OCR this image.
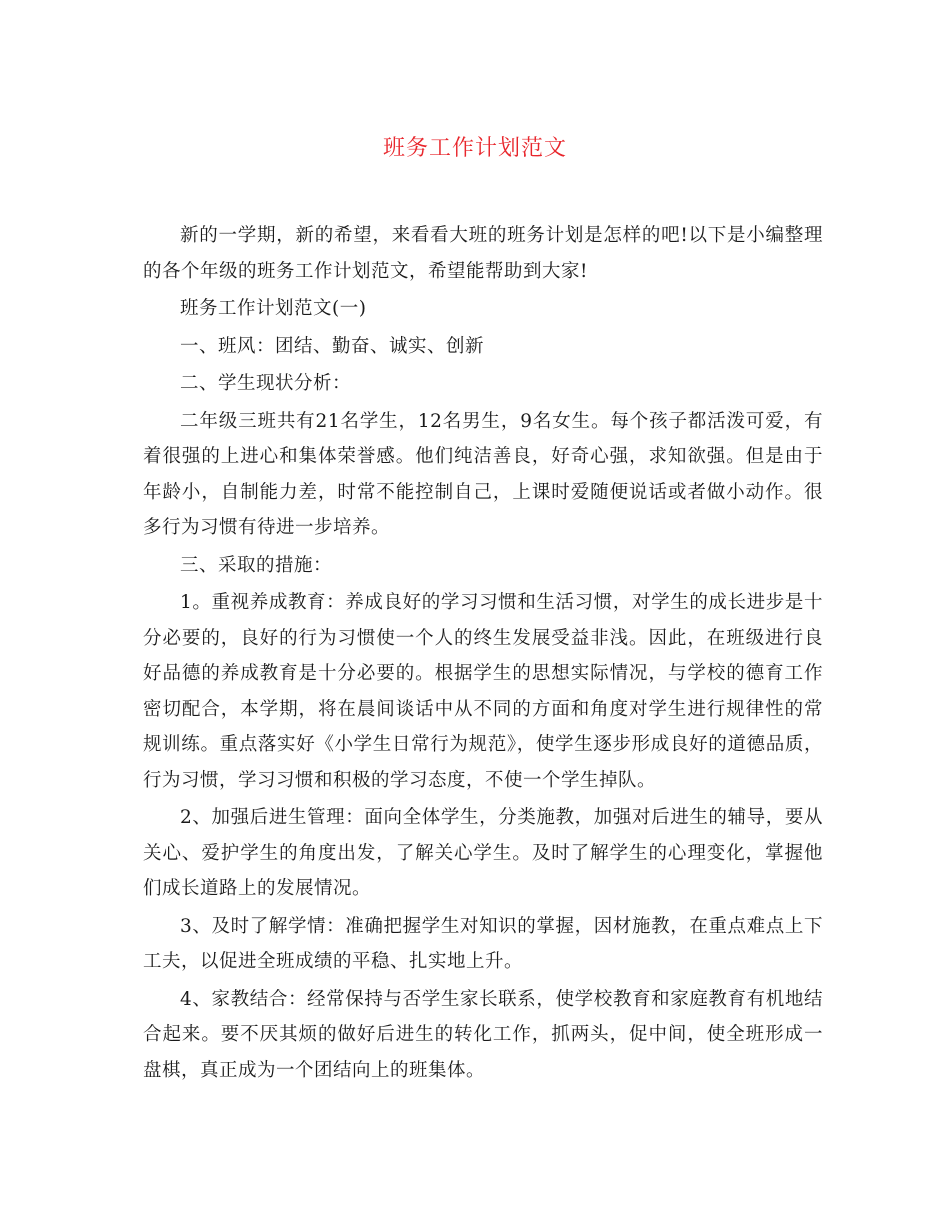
班务工作计划范文

新的一学期，新的希望，来看看大班的班务计划是怎样的吧!以下是小编整理的各个年级的班务工作计划范文，希望能帮助到大家!

班务工作计划范文(一)

一、班风：团结、勤奋、诚实、创新

二、学生现状分析：

二年级三班共有21名学生，12名男生，9名女生。每个孩子都活泼可爱，有着很强的上进心和集体荣誉感。他们纯洁善良，好奇心强，求知欲强。但是由于年龄小，自制能力差，时常不能控制自己，上课时爱随便说话或者做小动作。很多行为习惯有待进一步培养。

三、采取的措施：

1。重视养成教育：养成良好的学习习惯和生活习惯，对学生的成长进步是十分必要的，良好的行为习惯使一个人的终生发展受益非浅。因此，在班级进行良好品德的养成教育是十分必要的。根据学生的思想实际情况，与学校的德育工作密切配合，本学期，将在晨间谈话中从不同的方面和角度对学生进行规律性的常规训练。重点落实好《小学生日常行为规范》，使学生逐步形成良好的道德品质，行为习惯，学习习惯和积极的学习态度，不使一个学生掉队。

2、加强后进生管理：面向全体学生，分类施教，加强对后进生的辅导，要从关心、爱护学生的角度出发，了解关心学生。及时了解学生的心理变化，掌握他们成长道路上的发展情况。

3、及时了解学情：准确把握学生对知识的掌握，因材施教，在重点难点上下工夫，以促进全班成绩的平稳、扎实地上升。

4、家教结合：经常保持与否学生家长联系，使学校教育和家庭教育有机地结合起来。要不厌其烦的做好后进生的转化工作，抓两头，促中间，使全班形成一盘棋，真正成为一个团结向上的班集体。
